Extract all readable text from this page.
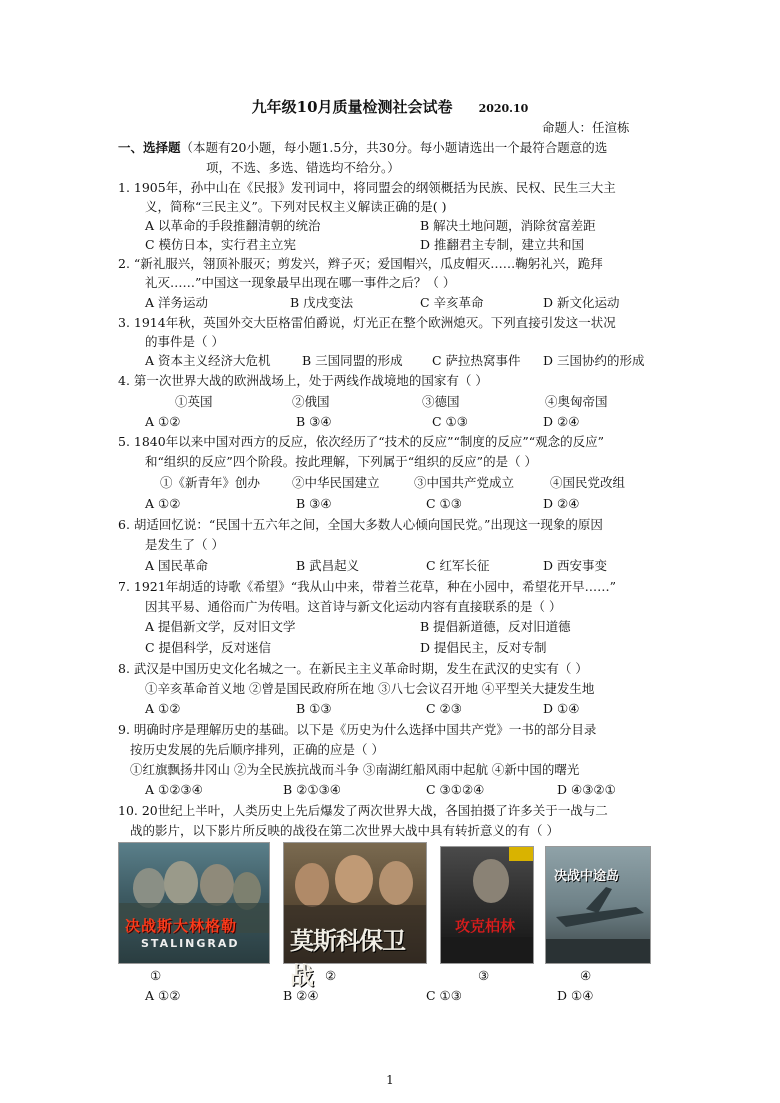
九年级10月质量检测社会试卷 2020.10
命题人：任渲栋
一、选择题（本题有20小题，每小题1.5分，共30分。每小题请选出一个最符合题意的选
项，不选、多选、错选均不给分。）
1. 1905年，孙中山在《民报》发刊词中，将同盟会的纲领概括为民族、民权、民生三大主
义，简称“三民主义”。下列对民权主义解读正确的是( )
A 以革命的手段推翻清朝的统治	B 解决土地问题，消除贫富差距
C 模仿日本，实行君主立宪	D 推翻君主专制，建立共和国
2. “新礼服兴，翎顶补服灭；剪发兴，辫子灭；爱国帽兴，瓜皮帽灭……鞠躬礼兴，跪拜
礼灭……”中国这一现象最早出现在哪一事件之后？（ ）
A 洋务运动	B 戊戌变法	C 辛亥革命	D 新文化运动
3. 1914年秋，英国外交大臣格雷伯爵说，灯光正在整个欧洲熄灭。下列直接引发这一状况
的事件是（ ）
A 资本主义经济大危机	B 三国同盟的形成 C 萨拉热窝事件 D 三国协约的形成
4. 第一次世界大战的欧洲战场上，处于两线作战境地的国家有（ ）
①英国	②俄国	③德国	④奥匈帝国
A ①②	B ③④	C ①③	D ②④
5. 1840年以来中国对西方的反应，依次经历了“技术的反应”“制度的反应”“观念的反应”
和“组织的反应”四个阶段。按此理解，下列属于“组织的反应”的是（ ）
①《新青年》创办	②中华民国建立	③中国共产党成立	④国民党改组
A ①②	B ③④	C ①③	D ②④
6. 胡适回忆说：“民国十五六年之间，全国大多数人心倾向国民党。”出现这一现象的原因
是发生了（ ）
A 国民革命	B 武昌起义	C 红军长征	D 西安事变
7. 1921年胡适的诗歌《希望》“我从山中来，带着兰花草，种在小园中，希望花开早……”
因其平易、通俗而广为传唱。这首诗与新文化运动内容有直接联系的是（ ）
A 提倡新文学，反对旧文学	B 提倡新道德，反对旧道德
C 提倡科学，反对迷信	D 提倡民主，反对专制
8. 武汉是中国历史文化名城之一。在新民主主义革命时期，发生在武汉的史实有（ ）
①辛亥革命首义地 ②曾是国民政府所在地 ③八七会议召开地 ④平型关大捷发生地
A ①②	B ①③	C ②③	D ①④
9. 明确时序是理解历史的基础。以下是《历史为什么选择中国共产党》一书的部分目录
按历史发展的先后顺序排列，正确的应是（ ）
①红旗飘扬井冈山 ②为全民族抗战而斗争 ③南湖红船风雨中起航 ④新中国的曙光
A ①②③④	B ②①③④	C ③①②④	D ④③②①
10. 20世纪上半叶，人类历史上先后爆发了两次世界大战，各国拍摄了许多关于一战与二
战的影片，以下影片所反映的战役在第二次世界大战中具有转折意义的有（ ）
决战斯大林格勒
STALINGRAD 莫斯科保卫战
攻克柏林
决战中途岛
①	②	③	④
A ①②	B ②④	C ①③	D ①④
1
